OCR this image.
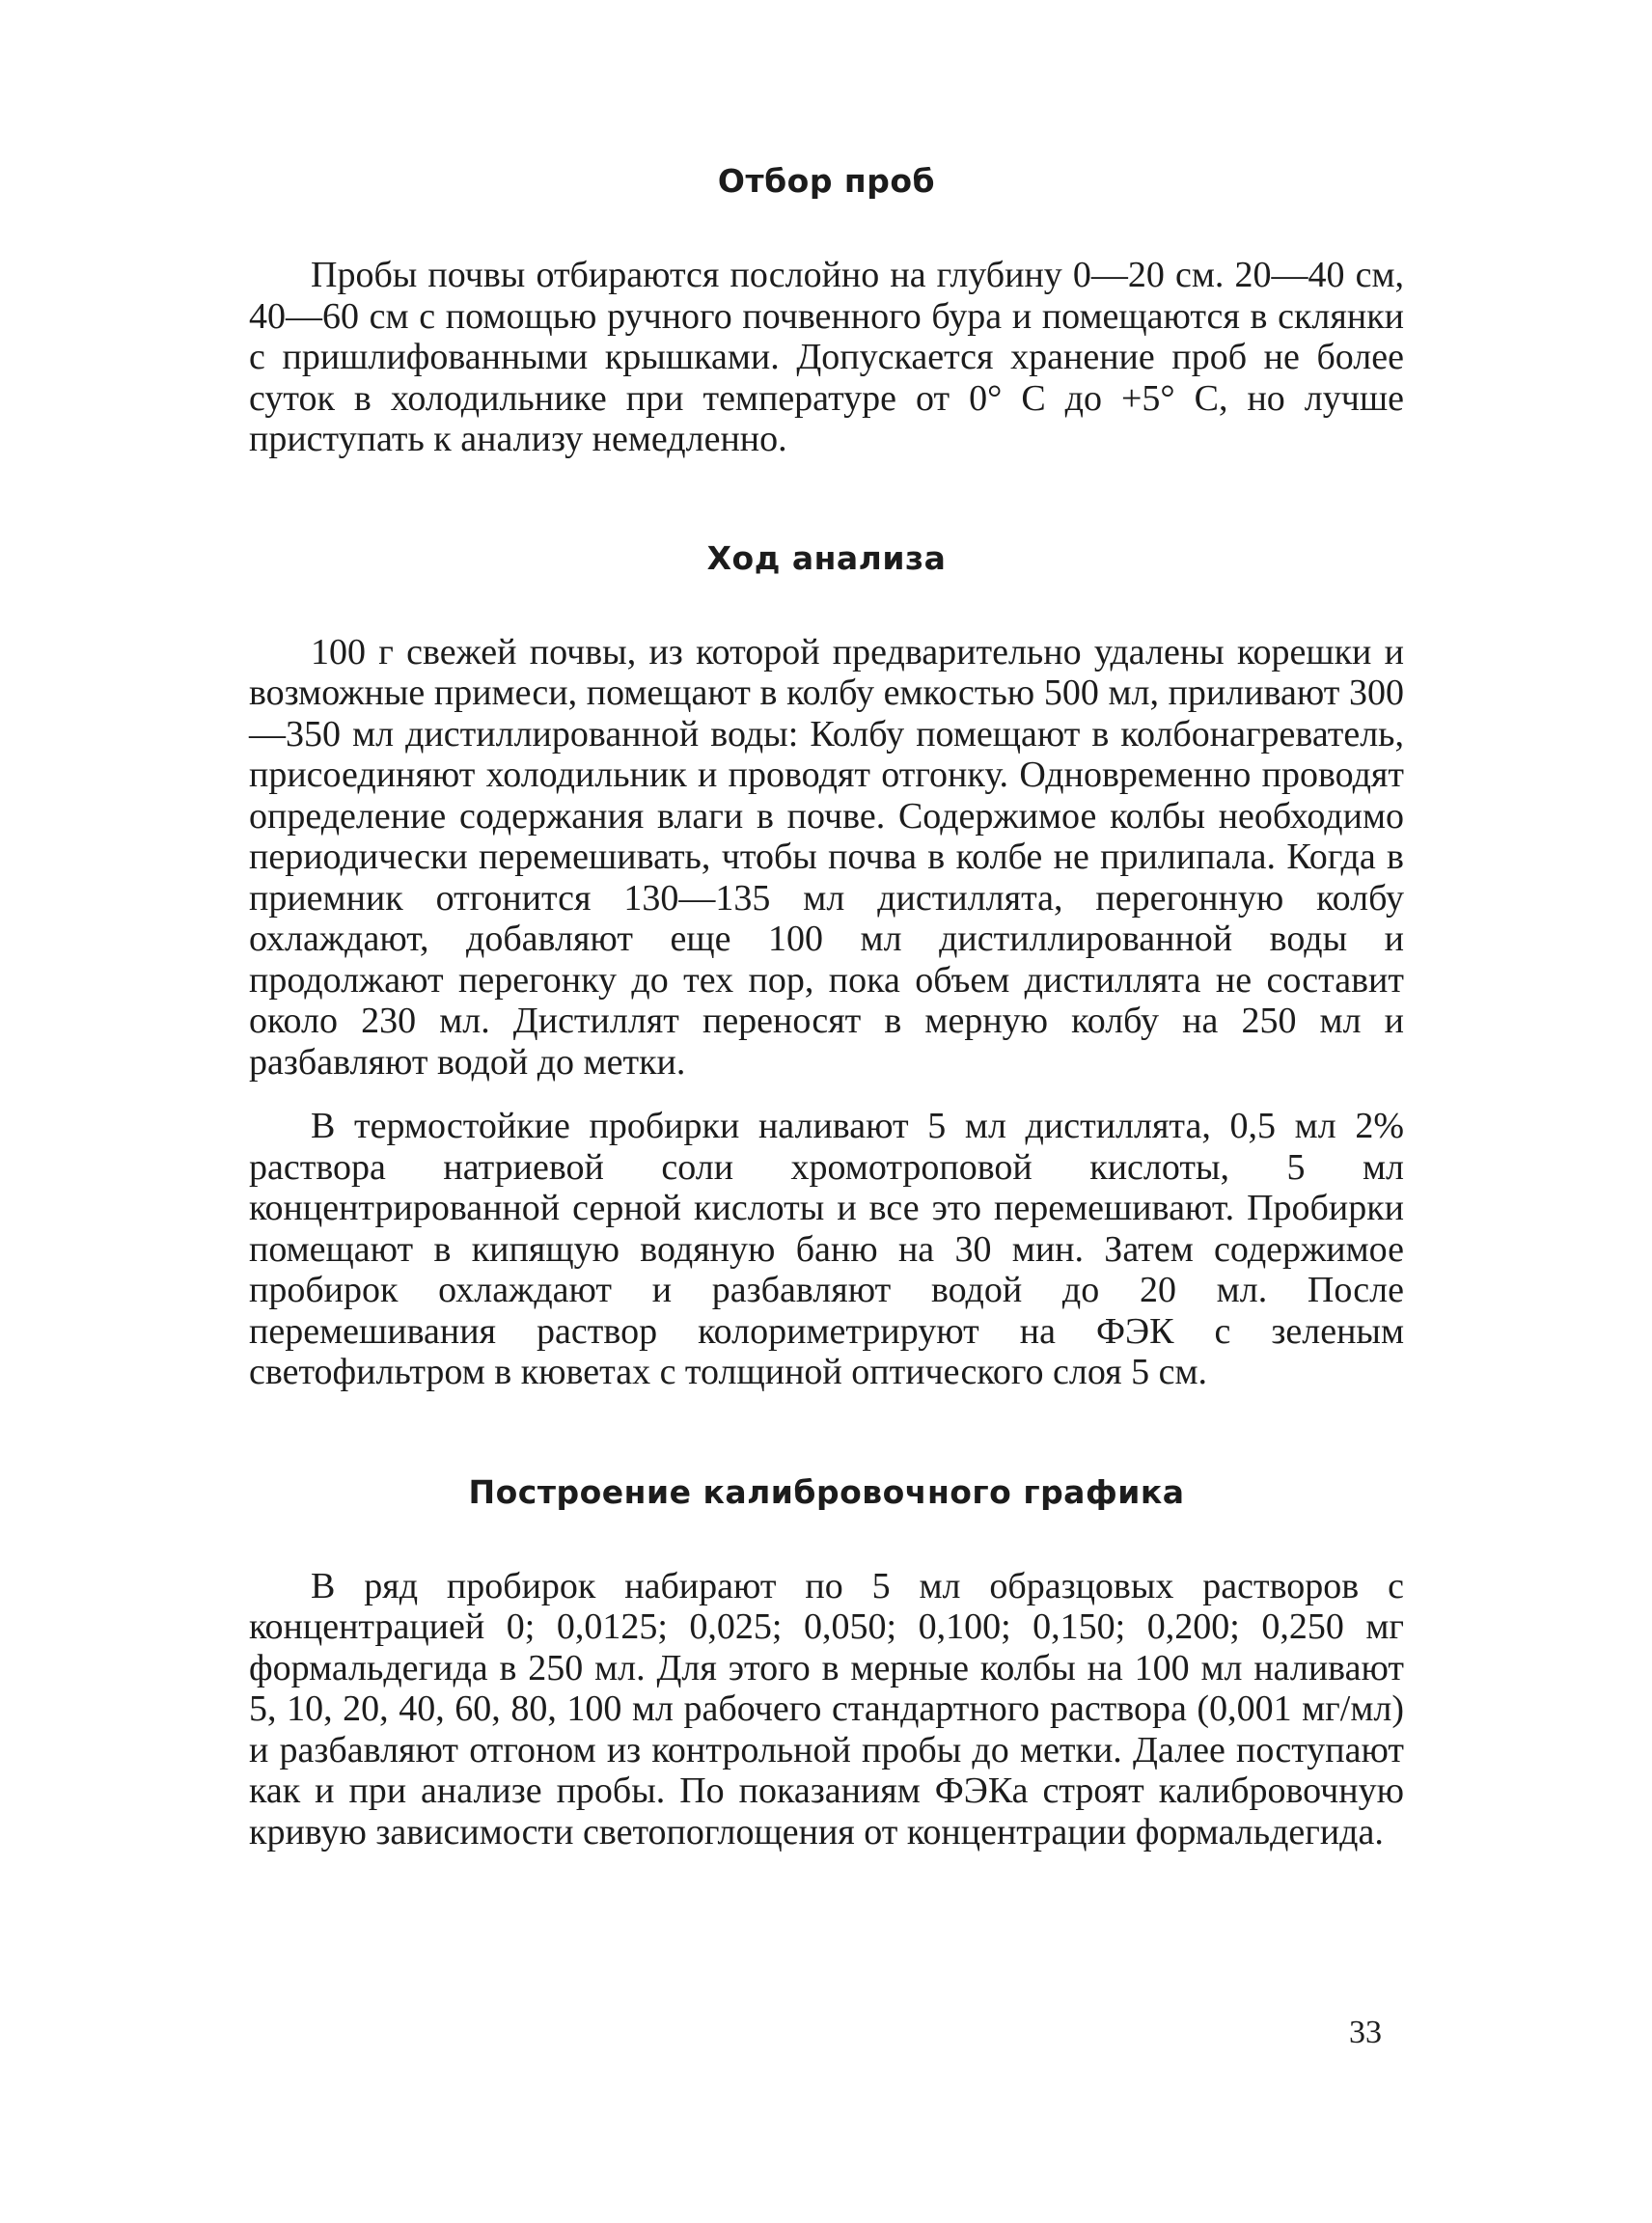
Отбор проб

Пробы почвы отбираются послойно на глубину 0—20 см. 20—40 см, 40—60 см с помощью ручного почвенного бура и помещаются в склянки с пришлифованными крышками. Допускается хранение проб не более суток в холодильнике при температуре от 0° С до +5° С, но лучше приступать к анализу немедленно.

Ход анализа

100 г свежей почвы, из которой предварительно удалены корешки и возможные примеси, помещают в колбу емкостью 500 мл, приливают 300—350 мл дистиллированной воды: Колбу помещают в колбонагреватель, присоединяют холодильник и проводят отгонку. Одновременно проводят определение содержания влаги в почве. Содержимое колбы необходимо периодически перемешивать, чтобы почва в колбе не прилипала. Когда в приемник отгонится 130—135 мл дистиллята, перегонную колбу охлаждают, добавляют еще 100 мл дистиллированной воды и продолжают перегонку до тех пор, пока объем дистиллята не составит около 230 мл. Дистиллят переносят в мерную колбу на 250 мл и разбавляют водой до метки.

В термостойкие пробирки наливают 5 мл дистиллята, 0,5 мл 2% раствора натриевой соли хромотроповой кислоты, 5 мл концентрированной серной кислоты и все это перемешивают. Пробирки помещают в кипящую водяную баню на 30 мин. Затем содержимое пробирок охлаждают и разбавляют водой до 20 мл. После перемешивания раствор колориметрируют на ФЭК с зеленым светофильтром в кюветах с толщиной оптического слоя 5 см.

Построение калибровочного графика

В ряд пробирок набирают по 5 мл образцовых растворов с концентрацией 0; 0,0125; 0,025; 0,050; 0,100; 0,150; 0,200; 0,250 мг формальдегида в 250 мл. Для этого в мерные колбы на 100 мл наливают 5, 10, 20, 40, 60, 80, 100 мл рабочего стандартного раствора (0,001 мг/мл) и разбавляют отгоном из контрольной пробы до метки. Далее поступают как и при анализе пробы. По показаниям ФЭКа строят калибровочную кривую зависимости светопоглощения от концентрации формальдегида.

33
